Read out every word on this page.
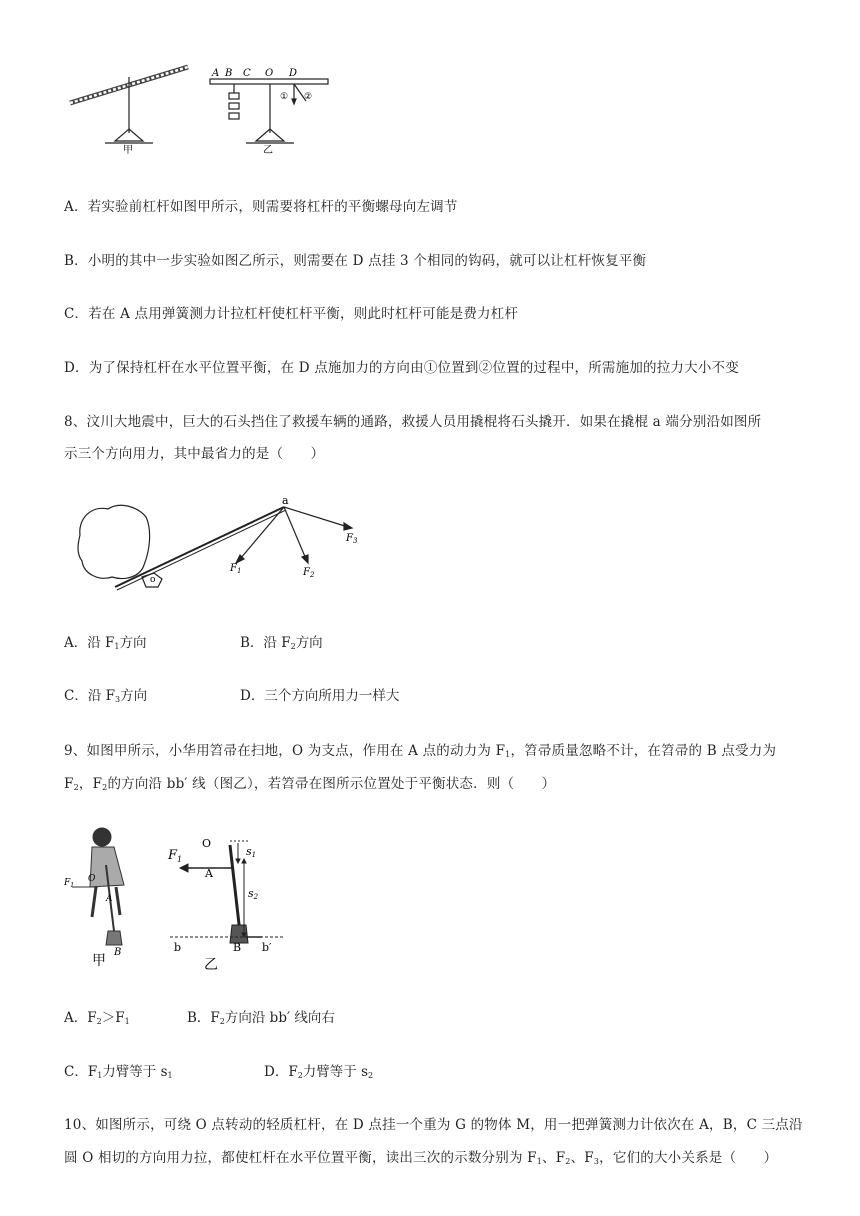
甲
A B C O D
① ②
乙
A．若实验前杠杆如图甲所示，则需要将杠杆的平衡螺母向左调节
B．小明的其中一步实验如图乙所示，则需要在 D 点挂 3 个相同的钩码，就可以让杠杆恢复平衡
C．若在 A 点用弹簧测力计拉杠杆使杠杆平衡，则此时杠杆可能是费力杠杆
D．为了保持杠杆在水平位置平衡，在 D 点施加力的方向由①位置到②位置的过程中，所需施加的拉力大小不变
8、汶川大地震中，巨大的石头挡住了救援车辆的通路，救援人员用撬棍将石头撬开．如果在撬棍 a 端分别沿如图所
示三个方向用力，其中最省力的是（　　）
a
o
$F_1$	$F_2$
$F_3$
A．沿 $F_1$方向	B．沿 $F_2$方向
C．沿 $F_3$方向	D．三个方向所用力一样大
9、如图甲所示，小华用笤帚在扫地，O 为支点，作用在 A 点的动力为 $F_1$，笤帚质量忽略不计，在笤帚的 B 点受力为
$F_2$，$F_2$的方向沿 bb′ 线（图乙），若笤帚在图所示位置处于平衡状态．则（　　）
$F_1$
O
A
B
甲
$F_1$
O
A
s1
s2
b	B b′
乙
A．$F_2>F_1$	B．$F_2$方向沿 bb′ 线向右
C．$F_1$力臂等于 $s_1$	D．$F_2$力臂等于 $s_2$
10、如图所示，可绕 O 点转动的轻质杠杆，在 D 点挂一个重为 G 的物体 M，用一把弹簧测力计依次在 A，B，C 三点沿
圆 O 相切的方向用力拉，都使杠杆在水平位置平衡，读出三次的示数分别为 $F_1$、$F_2$、$F_3$，它们的大小关系是（　　）
